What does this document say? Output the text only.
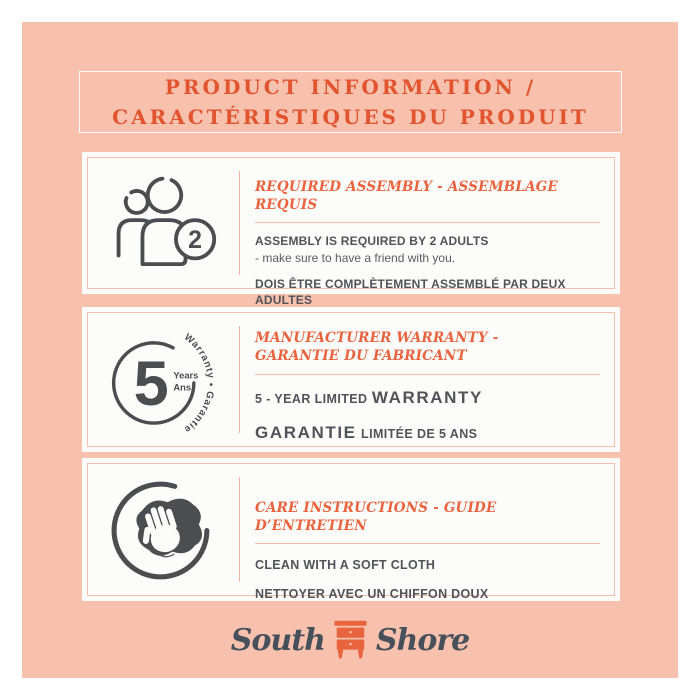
PRODUCT INFORMATION /
CARACTÉRISTIQUES DU PRODUIT
2
REQUIRED ASSEMBLY - ASSEMBLAGE REQUIS

ASSEMBLY IS REQUIRED BY 2 ADULTS

- make sure to have a friend with you.

DOIS ÊTRE COMPLÈTEMENT ASSEMBLÉ PAR DEUX ADULTES

5 Years
Ans
Warranty • Garantie
MANUFACTURER WARRANTY -
GARANTIE DU FABRICANT

5 - YEAR LIMITED WARRANTY

GARANTIE LIMITÉE DE 5 ANS

CARE INSTRUCTIONS - GUIDE D’ENTRETIEN

CLEAN WITH A SOFT CLOTH

NETTOYER AVEC UN CHIFFON DOUX

South Shore
